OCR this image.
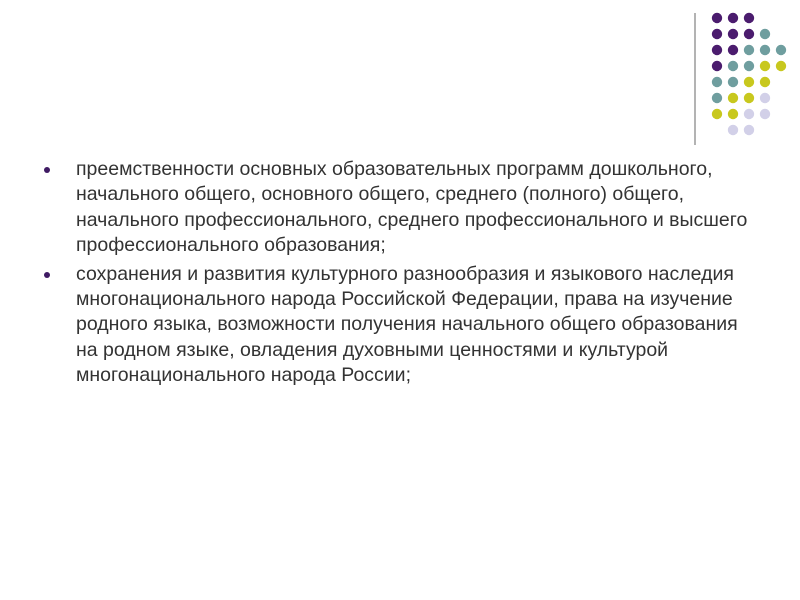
преемственности основных образовательных программ дошкольного, начального общего, основного общего, среднего (полного) общего, начального профессионального, среднего профессионального и высшего профессионального образования;
сохранения и развития культурного разнообразия и языкового наследия многонационального народа Российской Федерации, права на изучение родного языка, возможности получения начального общего образования на родном языке, овладения духовными ценностями и культурой многонационального народа России;
